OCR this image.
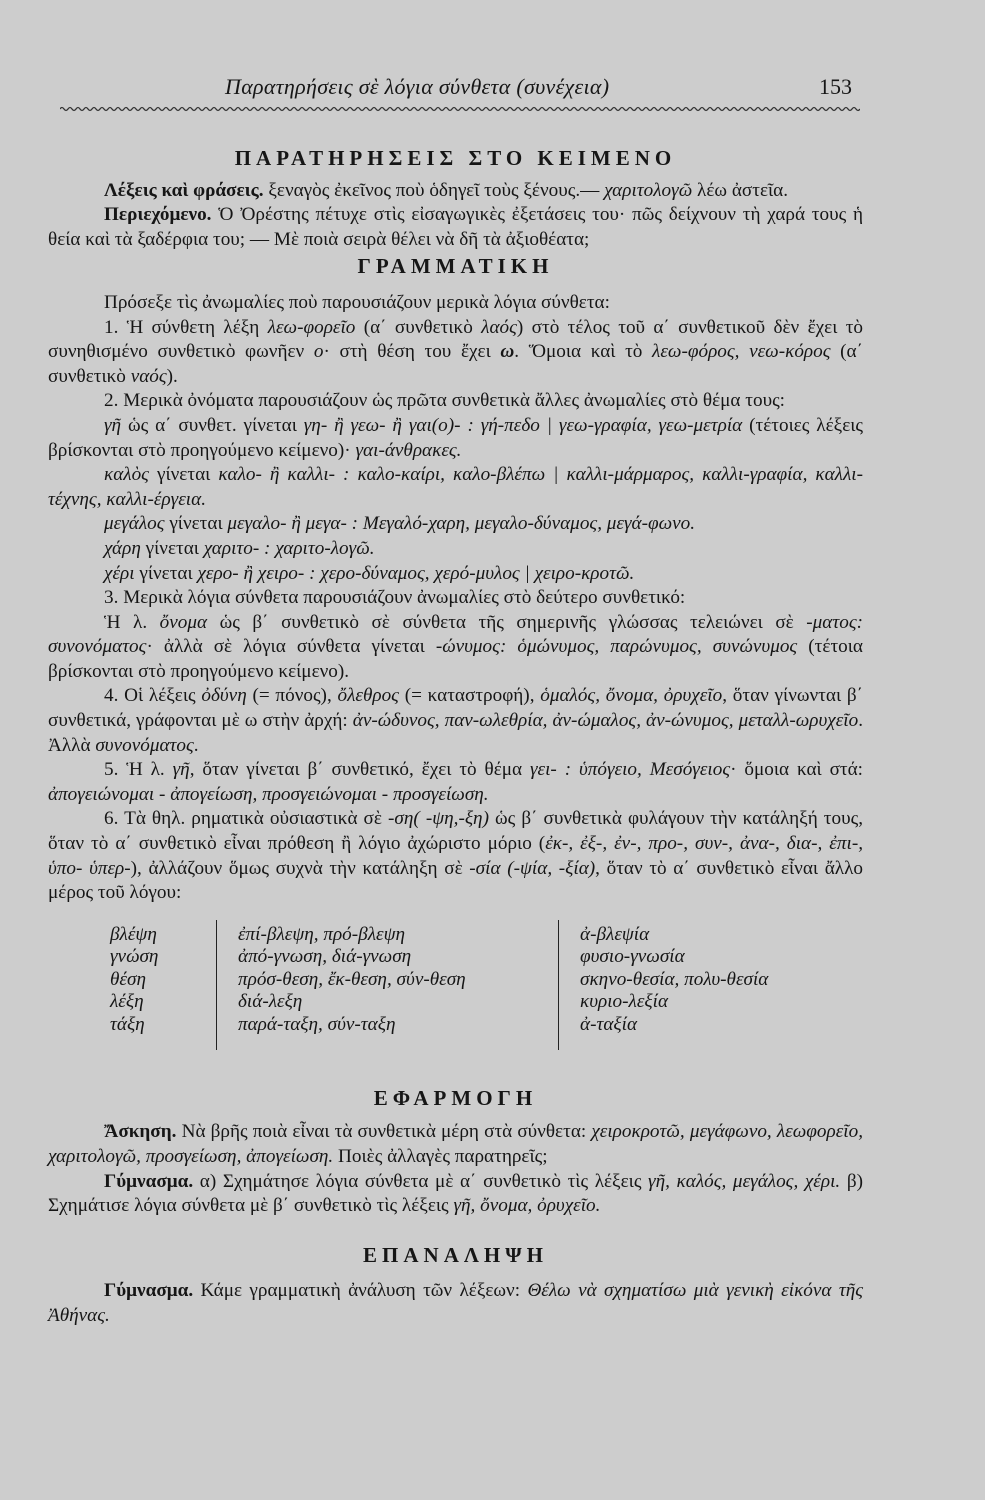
Παρατηρήσεις σὲ λόγια σύνθετα (συνέχεια)	153
ΠΑΡΑΤΗΡΗΣΕΙΣ ΣΤΟ ΚΕΙΜΕΝΟ

Λέξεις καὶ φράσεις. ξεναγὸς ἐκεῖνος ποὺ ὁδηγεῖ τοὺς ξένους.— χαριτολογῶ λέω ἀστεῖα.

Περιεχόμενο. Ὁ Ὀρέστης πέτυχε στὶς εἰσαγωγικὲς ἐξετάσεις του· πῶς δείχνουν τὴ χαρά τους ἡ θεία καὶ τὰ ξαδέρφια του; — Μὲ ποιὰ σειρὰ θέλει νὰ δῆ τὰ ἀξιοθέατα;

ΓΡΑΜΜΑΤΙΚΗ

Πρόσεξε τὶς ἀνωμαλίες ποὺ παρουσιάζουν μερικὰ λόγια σύνθετα:

1. Ἡ σύνθετη λέξη λεω-φορεῖο (α΄ συνθετικὸ λαός) στὸ τέλος τοῦ α΄ συνθετικοῦ δὲν ἔχει τὸ συνηθισμένο συνθετικὸ φωνῆεν ο· στὴ θέση του ἔχει ω. Ὅμοια καὶ τὸ λεω-φόρος, νεω-κόρος (α΄ συνθετικὸ ναός).

2. Μερικὰ ὀνόματα παρουσιάζουν ὡς πρῶτα συνθετικὰ ἄλλες ἀνωμαλίες στὸ θέμα τους:

γῆ ὡς α΄ συνθετ. γίνεται γη- ἢ γεω- ἢ γαι(ο)- : γή-πεδο | γεω-γραφία, γεω-μετρία (τέτοιες λέξεις βρίσκονται στὸ προηγούμενο κείμενο)· γαι-άνθρακες.

καλὸς γίνεται καλο- ἢ καλλι- : καλο-καίρι, καλο-βλέπω | καλλι-μάρμαρος, καλλι-γραφία, καλλι-τέχνης, καλλι-έργεια.

μεγάλος γίνεται μεγαλο- ἢ μεγα- : Μεγαλό-χαρη, μεγαλο-δύναμος, μεγά-φωνο.

χάρη γίνεται χαριτο- : χαριτο-λογῶ.

χέρι γίνεται χερο- ἢ χειρο- : χερο-δύναμος, χερό-μυλος | χειρο-κροτῶ.

3. Μερικὰ λόγια σύνθετα παρουσιάζουν ἀνωμαλίες στὸ δεύτερο συνθετικό:

Ἡ λ. ὄνομα ὡς β΄ συνθετικὸ σὲ σύνθετα τῆς σημερινῆς γλώσσας τελειώνει σὲ -ματος: συνονόματος· ἀλλὰ σὲ λόγια σύνθετα γίνεται -ώνυμος: ὁμώνυμος, παρώνυμος, συνώνυμος (τέτοια βρίσκονται στὸ προηγούμενο κείμενο).

4. Οἱ λέξεις ὀδύνη (= πόνος), ὄλεθρος (= καταστροφή), ὁμαλός, ὄνομα, ὀρυχεῖο, ὅταν γίνωνται β΄ συνθετικά, γράφονται μὲ ω στὴν ἀρχή: ἀν-ώδυνος, παν-ωλεθρία, ἀν-ώμαλος, ἀν-ώνυμος, μεταλλ-ωρυχεῖο. Ἀλλὰ συνονόματος.

5. Ἡ λ. γῆ, ὅταν γίνεται β΄ συνθετικό, ἔχει τὸ θέμα γει- : ὑπόγειο, Μεσόγειος· ὅμοια καὶ στά: ἀπογειώνομαι - ἀπογείωση, προσγειώνομαι - προσγείωση.

6. Τὰ θηλ. ρηματικὰ οὐσιαστικὰ σὲ -ση( -ψη,-ξη) ὡς β΄ συνθετικὰ φυλάγουν τὴν κατάληξή τους, ὅταν τὸ α΄ συνθετικὸ εἶναι πρόθεση ἢ λόγιο ἀχώριστο μόριο (ἐκ-, ἐξ-, ἐν-, προ-, συν-, ἀνα-, δια-, ἐπι-, ὑπο- ὑπερ-), ἀλλάζουν ὅμως συχνὰ τὴν κατάληξη σὲ -σία (-ψία, -ξία), ὅταν τὸ α΄ συνθετικὸ εἶναι ἄλλο μέρος τοῦ λόγου:

βλέψη
γνώση
θέση
λέξη
τάξη
ἐπί-βλεψη, πρό-βλεψη
ἀπό-γνωση, διά-γνωση
πρόσ-θεση, ἔκ-θεση, σύν-θεση
διά-λεξη
παρά-ταξη, σύν-ταξη
ἀ-βλεψία
φυσιο-γνωσία
σκηνο-θεσία, πολυ-θεσία
κυριο-λεξία
ἀ-ταξία
ΕΦΑΡΜΟΓΗ

Ἄσκηση. Νὰ βρῆς ποιὰ εἶναι τὰ συνθετικὰ μέρη στὰ σύνθετα: χειροκροτῶ, μεγάφωνο, λεωφορεῖο, χαριτολογῶ, προσγείωση, ἀπογείωση. Ποιὲς ἀλλαγὲς παρατηρεῖς;

Γύμνασμα. α) Σχημάτησε λόγια σύνθετα μὲ α΄ συνθετικὸ τὶς λέξεις γῆ, καλός, μεγάλος, χέρι. β) Σχημάτισε λόγια σύνθετα μὲ β΄ συνθετικὸ τὶς λέξεις γῆ, ὄνομα, ὀρυχεῖο.

ΕΠΑΝΑΛΗΨΗ

Γύμνασμα. Κάμε γραμματικὴ ἀνάλυση τῶν λέξεων: Θέλω νὰ σχηματίσω μιὰ γενικὴ εἰκόνα τῆς Ἀθήνας.
